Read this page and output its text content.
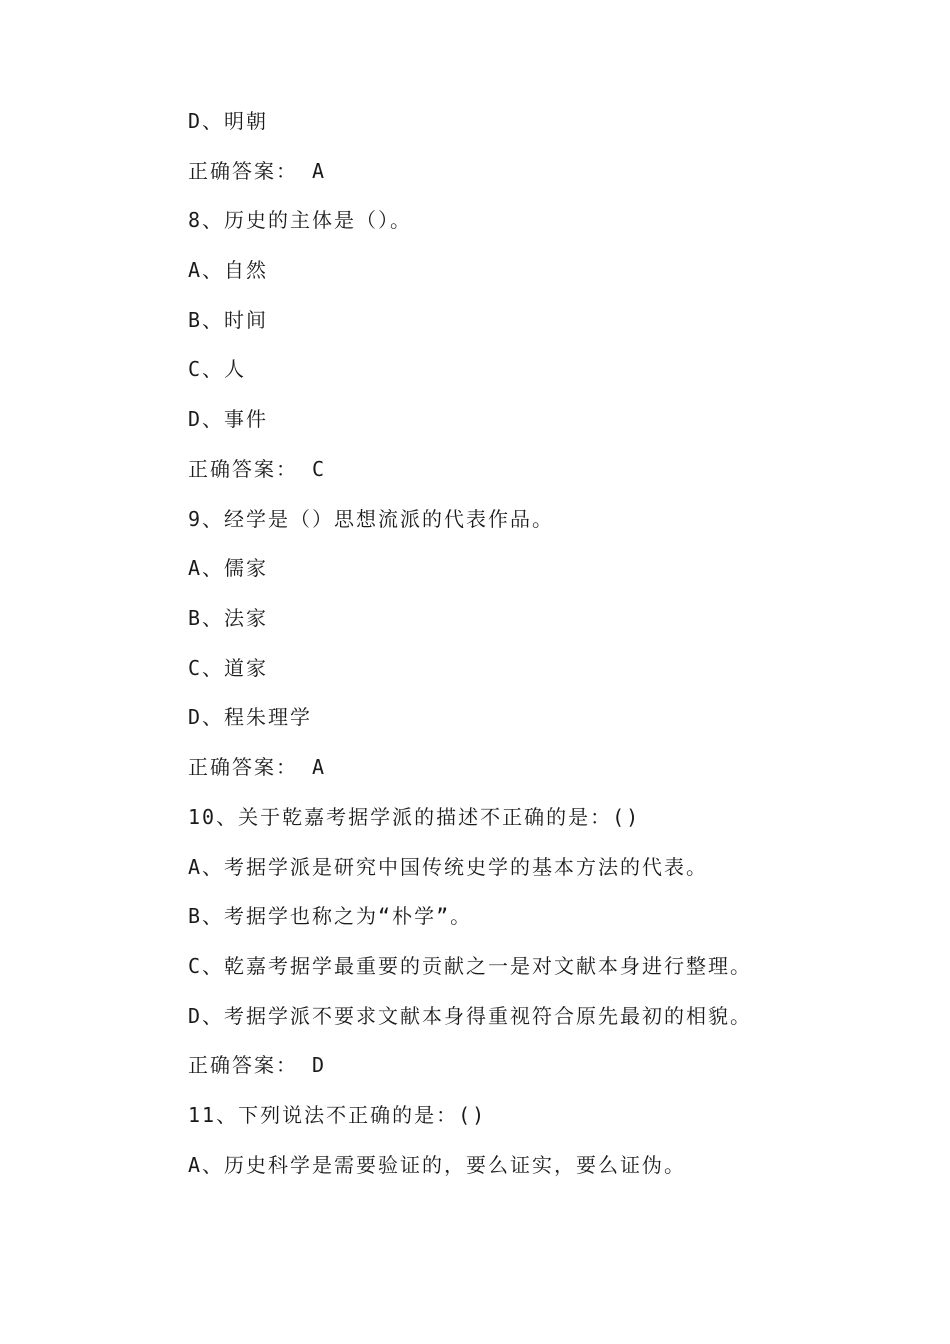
D、明朝
正确答案： A
8、历史的主体是（）。
A、自然
B、时间
C、人
D、事件
正确答案： C
9、经学是（）思想流派的代表作品。
A、儒家
B、法家
C、道家
D、程朱理学
正确答案： A
10、关于乾嘉考据学派的描述不正确的是：()
A、考据学派是研究中国传统史学的基本方法的代表。
B、考据学也称之为“朴学”。
C、乾嘉考据学最重要的贡献之一是对文献本身进行整理。
D、考据学派不要求文献本身得重视符合原先最初的相貌。
正确答案： D
11、下列说法不正确的是：()
A、历史科学是需要验证的，要么证实，要么证伪。
